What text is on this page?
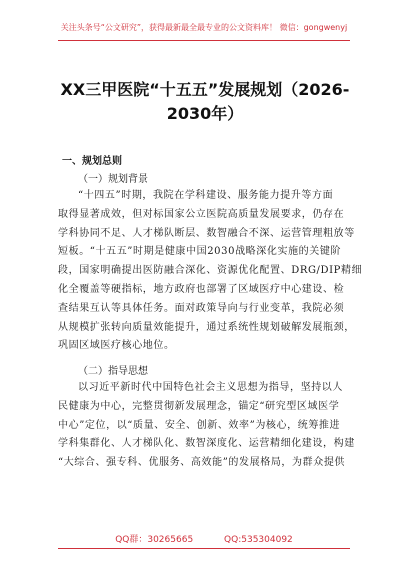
关注头条号“公文研究”，获得最新最全最专业的公文资料库！ 微信：gongwenyj
XX三甲医院“十五五”发展规划（2026-
2030年）
一、规划总则
（一）规划背景
“十四五”时期，我院在学科建设、服务能力提升等方面
取得显著成效，但对标国家公立医院高质量发展要求，仍存在
学科协同不足、人才梯队断层、数智融合不深、运营管理粗放等
短板。“十五五”时期是健康中国2030战略深化实施的关键阶
段，国家明确提出医防融合深化、资源优化配置、DRG/DIP精细
化全覆盖等硬指标，地方政府也部署了区域医疗中心建设、检
查结果互认等具体任务。面对政策导向与行业变革，我院必须
从规模扩张转向质量效能提升，通过系统性规划破解发展瓶颈，
巩固区域医疗核心地位。
（二）指导思想
以习近平新时代中国特色社会主义思想为指导，坚持以人
民健康为中心，完整贯彻新发展理念，锚定“研究型区域医学
中心”定位，以“质量、安全、创新、效率”为核心，统筹推进
学科集群化、人才梯队化、数智深度化、运营精细化建设，构建
“大综合、强专科、优服务、高效能”的发展格局，为群众提供
QQ群：30265665	QQ:535304092
